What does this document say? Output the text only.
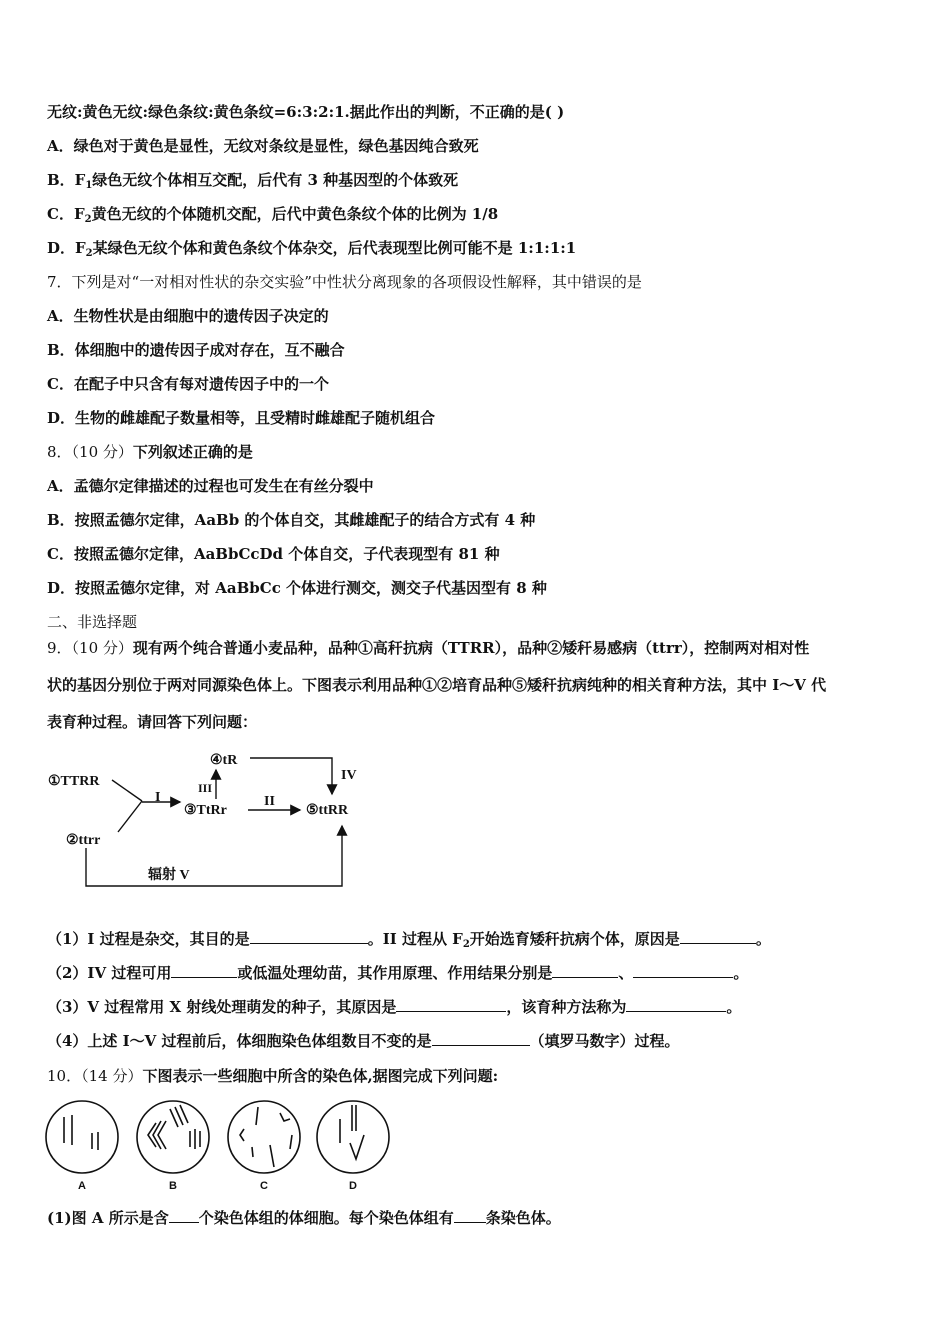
无纹:黄色无纹:绿色条纹:黄色条纹=6:3:2:1.据此作出的判断，不正确的是( )
A．绿色对于黄色是显性，无纹对条纹是显性，绿色基因纯合致死
B．$F_1$绿色无纹个体相互交配，后代有 3 种基因型的个体致死
C．$F_2$黄色无纹的个体随机交配，后代中黄色条纹个体的比例为 1/8
D．$F_2$某绿色无纹个体和黄色条纹个体杂交，后代表现型比例可能不是 1:1:1:1
7．下列是对“一对相对性状的杂交实验”中性状分离现象的各项假设性解释，其中错误的是
A．生物性状是由细胞中的遗传因子决定的
B．体细胞中的遗传因子成对存在，互不融合
C．在配子中只含有每对遗传因子中的一个
D．生物的雌雄配子数量相等，且受精时雌雄配子随机组合
8．（10 分）下列叙述正确的是
A．孟德尔定律描述的过程也可发生在有丝分裂中
B．按照孟德尔定律，AaBb 的个体自交，其雌雄配子的结合方式有 4 种
C．按照孟德尔定律，AaBbCcDd 个体自交，子代表现型有 81 种
D．按照孟德尔定律，对 AaBbCc 个体进行测交，测交子代基因型有 8 种
二、非选择题
9．（10 分）现有两个纯合普通小麦品种，品种①高秆抗病（TTRR），品种②矮秆易感病（ttrr），控制两对相对性
状的基因分别位于两对同源染色体上。下图表示利用品种①②培育品种⑤矮秆抗病纯种的相关育种方法，其中 I～V 代
表育种过程。请回答下列问题：
①TTRR
②ttrr
③TtRr
④tR
⑤ttRR
I	II
III
IV
辐射 V
（1）I 过程是杂交，其目的是	。II 过程从 $F_2$开始选育矮秆抗病个体，原因是	。
（2）IV 过程可用	或低温处理幼苗，其作用原理、作用结果分别是	、	。
（3）V 过程常用 X 射线处理萌发的种子，其原因是	，该育种方法称为	。
（4）上述 I～V 过程前后，体细胞染色体组数目不变的是	（填罗马数字）过程。
10．（14 分）下图表示一些细胞中所含的染色体,据图完成下列问题:
A	B	C	D
(1)图 A 所示是含 个染色体组的体细胞。每个染色体组有 条染色体。
